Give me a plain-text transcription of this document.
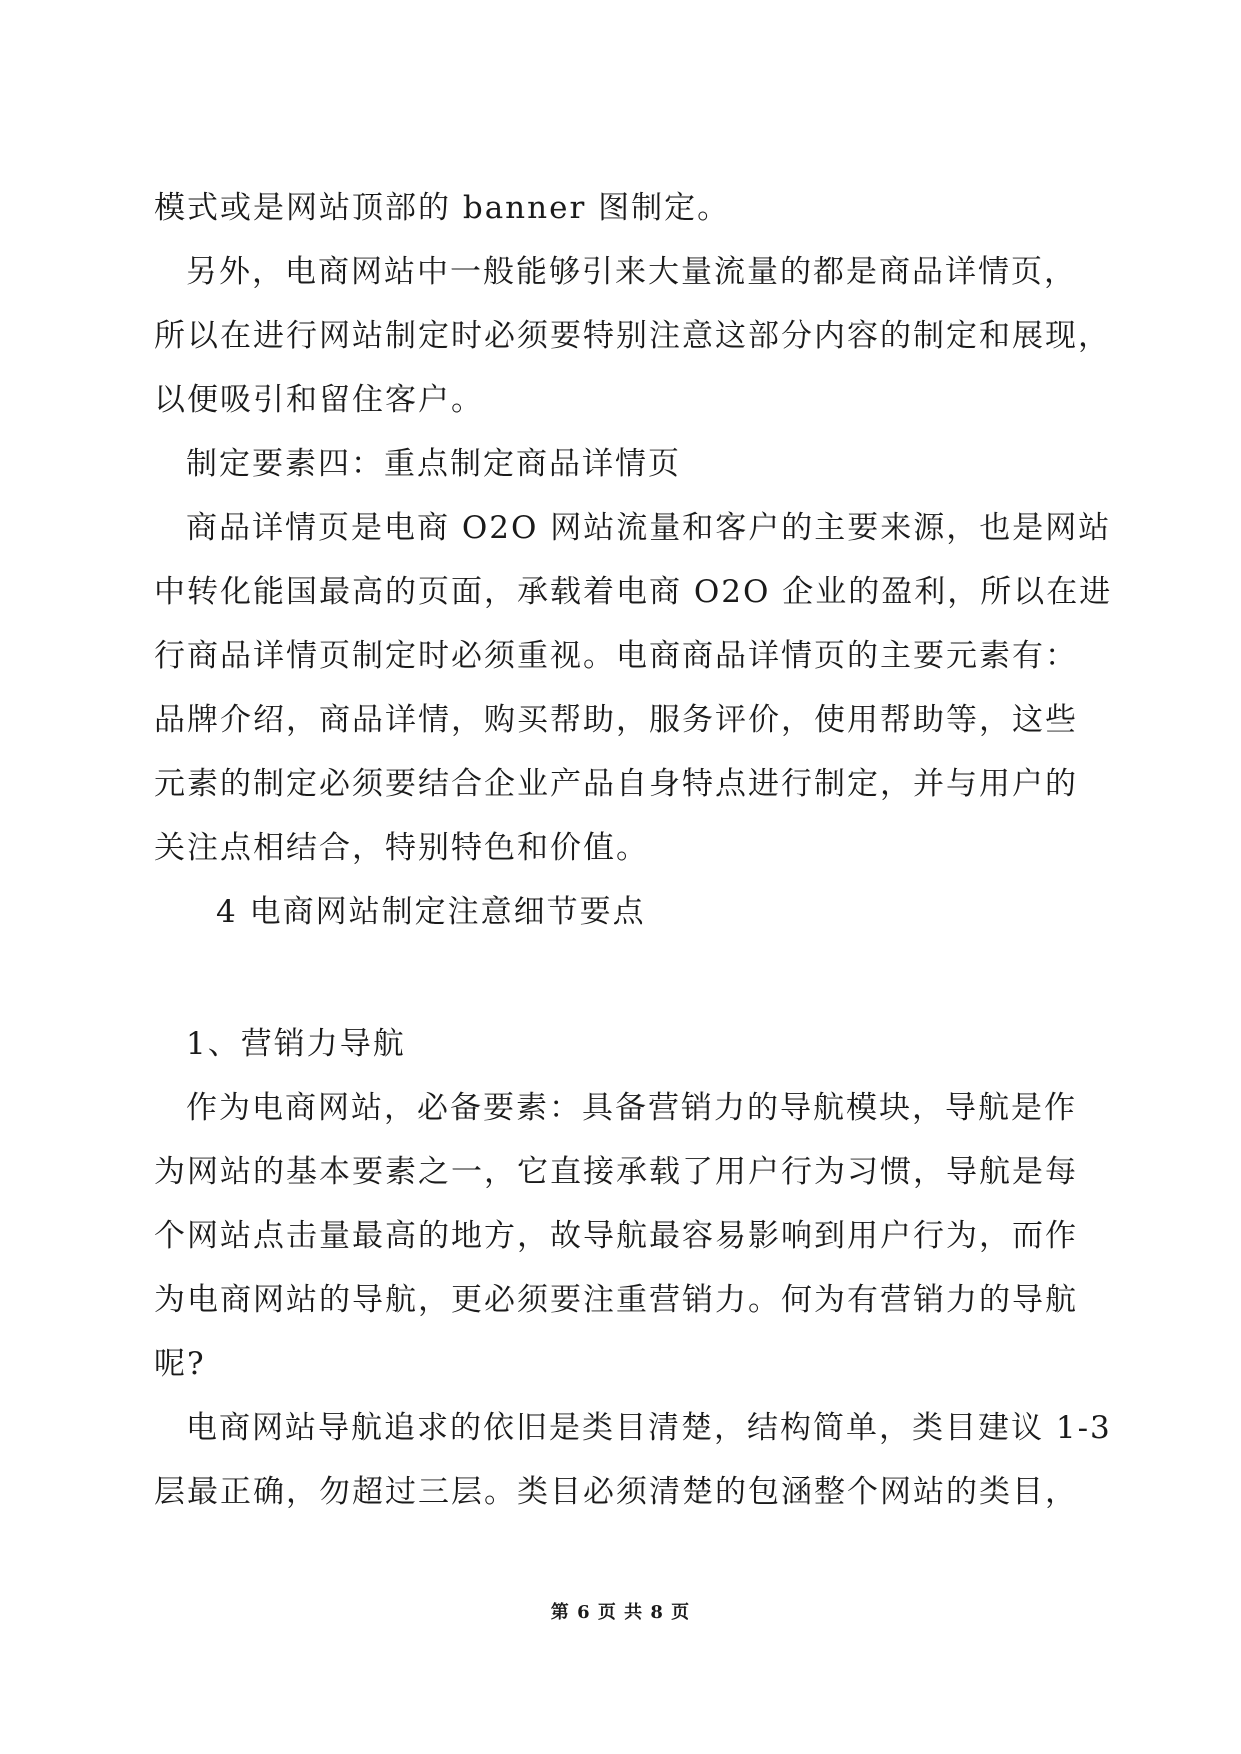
模式或是网站顶部的 banner 图制定。
另外，电商网站中一般能够引来大量流量的都是商品详情页，
所以在进行网站制定时必须要特别注意这部分内容的制定和展现，
以便吸引和留住客户。
制定要素四：重点制定商品详情页
商品详情页是电商 O2O 网站流量和客户的主要来源，也是网站
中转化能国最高的页面，承载着电商 O2O 企业的盈利，所以在进
行商品详情页制定时必须重视。电商商品详情页的主要元素有：
品牌介绍，商品详情，购买帮助，服务评价，使用帮助等，这些
元素的制定必须要结合企业产品自身特点进行制定，并与用户的
关注点相结合，特别特色和价值。
4 电商网站制定注意细节要点
1、营销力导航
作为电商网站，必备要素：具备营销力的导航模块，导航是作
为网站的基本要素之一，它直接承载了用户行为习惯，导航是每
个网站点击量最高的地方，故导航最容易影响到用户行为，而作
为电商网站的导航，更必须要注重营销力。何为有营销力的导航
呢?
电商网站导航追求的依旧是类目清楚，结构简单，类目建议 1-3
层最正确，勿超过三层。类目必须清楚的包涵整个网站的类目，
第 6 页 共 8 页
